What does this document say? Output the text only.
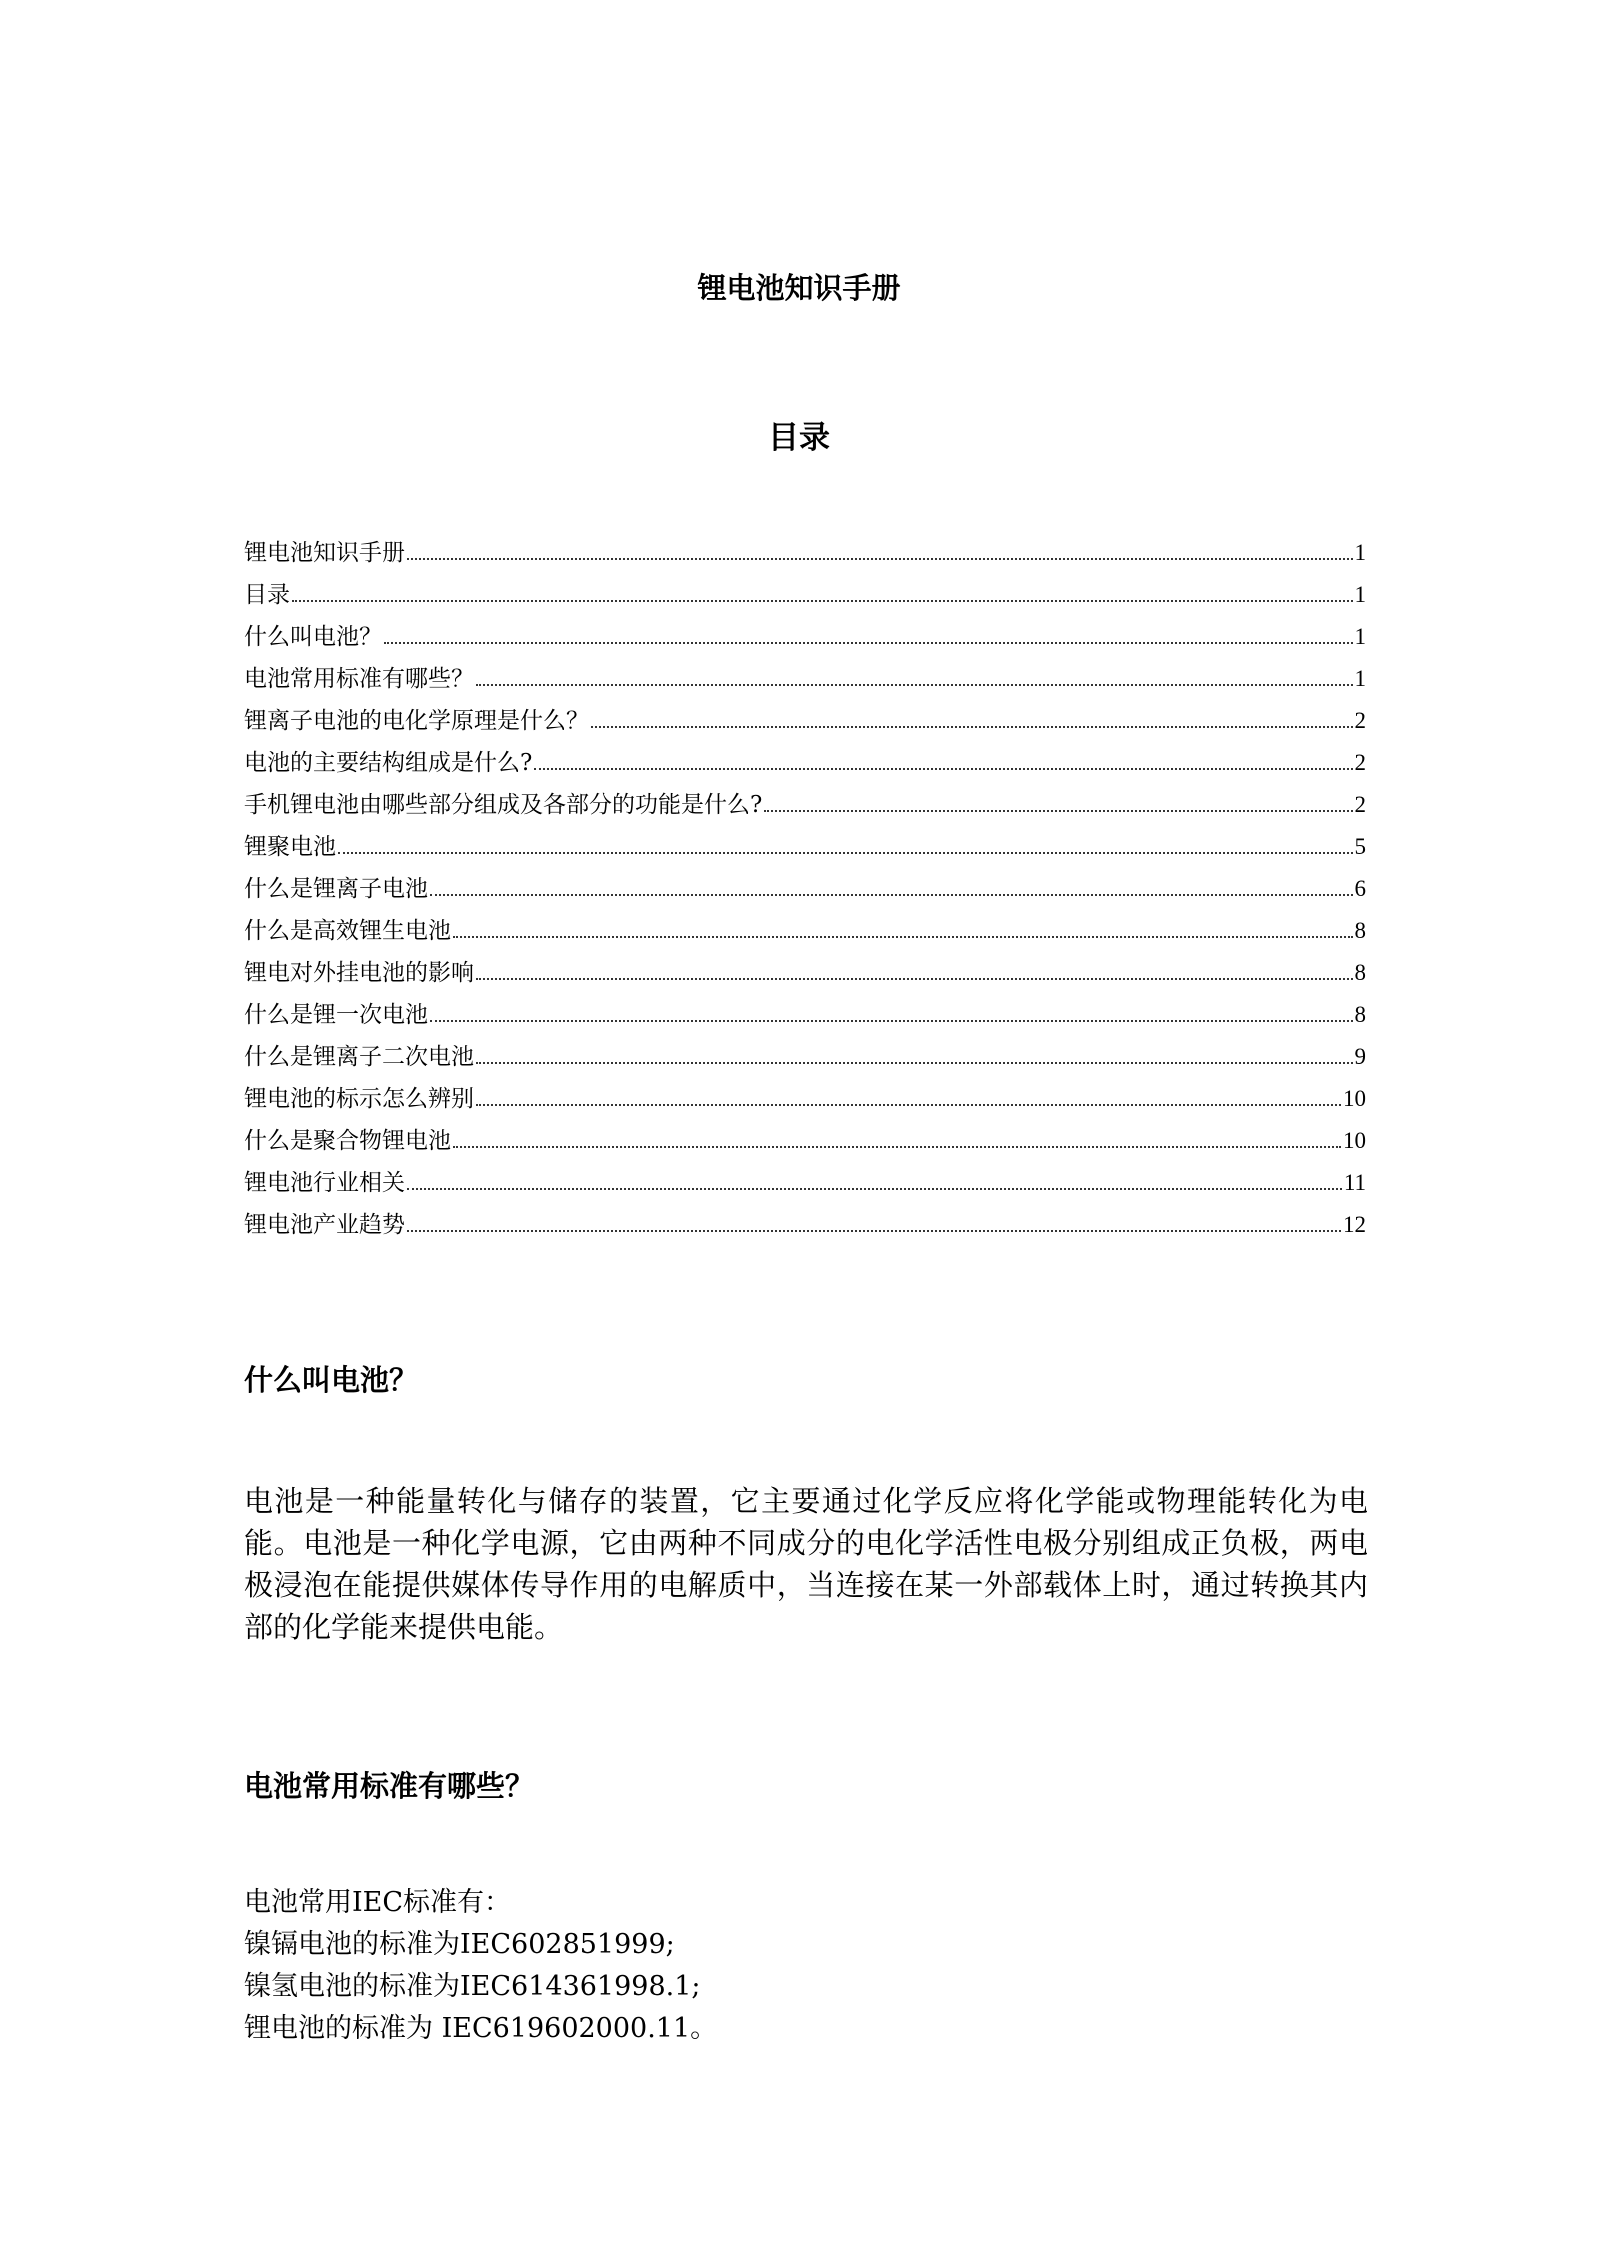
锂电池知识手册
目录
锂电池知识手册	1
目录	1
什么叫电池？	1
电池常用标准有哪些？	1
锂离子电池的电化学原理是什么？	2
电池的主要结构组成是什么?	2
手机锂电池由哪些部分组成及各部分的功能是什么?	2
锂聚电池	5
什么是锂离子电池	6
什么是高效锂生电池	8
锂电对外挂电池的影响	8
什么是锂一次电池	8
什么是锂离子二次电池	9
锂电池的标示怎么辨别	10
什么是聚合物锂电池	10
锂电池行业相关	11
锂电池产业趋势	12
什么叫电池？
电池是一种能量转化与储存的装置，它主要通过化学反应将化学能或物理能转化为电能。电池是一种化学电源，它由两种不同成分的电化学活性电极分别组成正负极，两电极浸泡在能提供媒体传导作用的电解质中，当连接在某一外部载体上时，通过转换其内部的化学能来提供电能。
电池常用标准有哪些？
电池常用IEC标准有：
镍镉电池的标准为IEC602851999;
镍氢电池的标准为IEC614361998.1;
锂电池的标准为 IEC619602000.11。
